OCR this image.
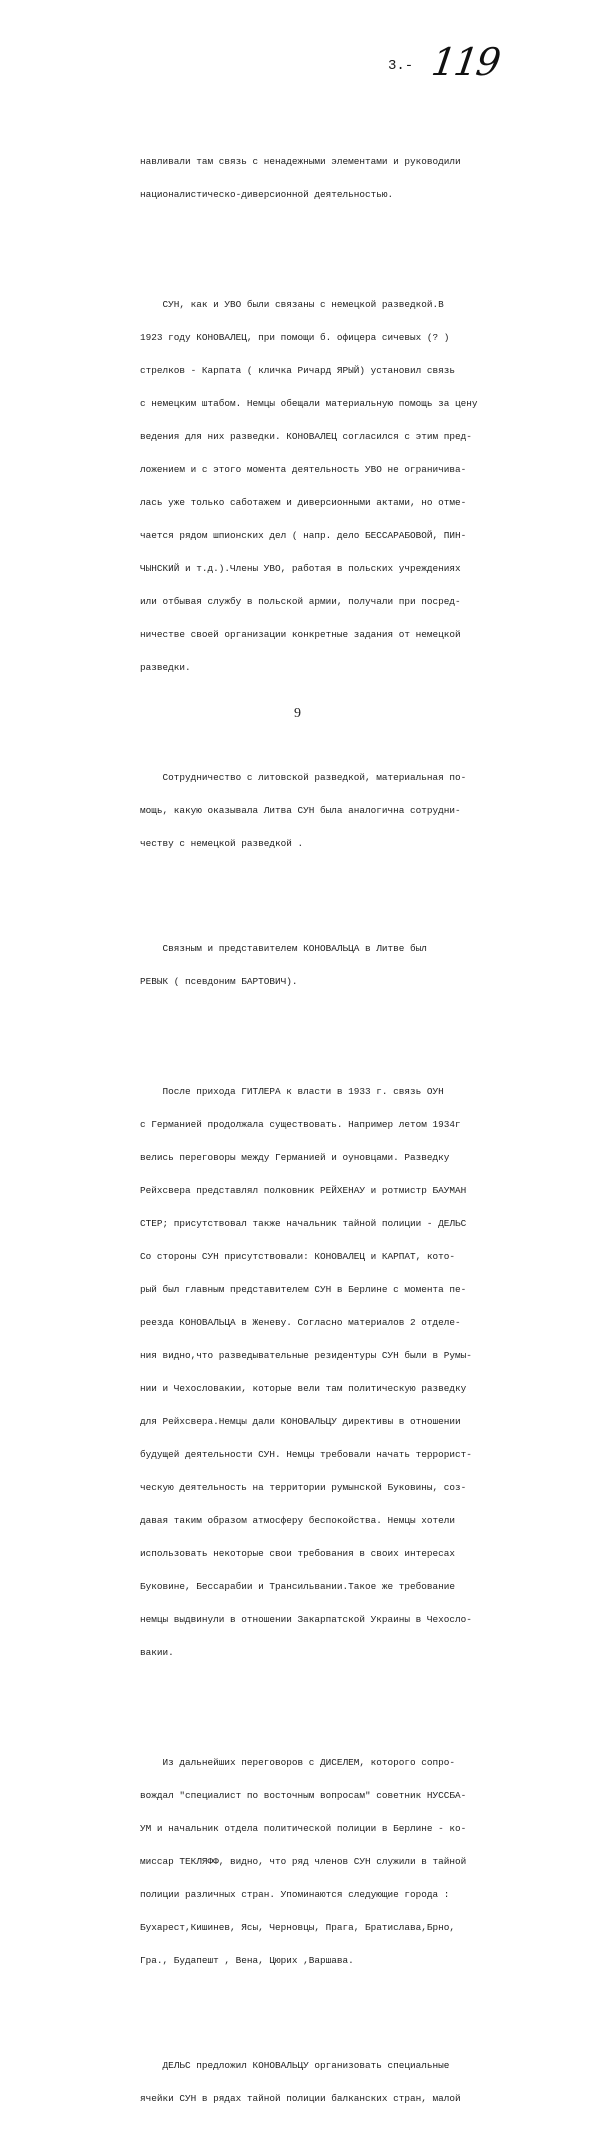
3.- 119

навливали там связь с ненадежными элементами и руководили

националистическо-диверсионной деятельностью.

СУН, как и УВО были связаны с немецкой разведкой.В

1923 году КОНОВАЛЕЦ, при помощи б. офицера сичевых (? )

стрелков - Карпата ( кличка Ричард ЯРЫЙ) установил связь

с немецким штабом. Немцы обещали материальную помощь за цену

ведения для них разведки. КОНОВАЛЕЦ согласился с этим пред-

ложением и с этого момента деятельность УВО не ограничива-

лась уже только саботажем и диверсионными актами, но отме-

чается рядом шпионских дел ( напр. дело БЕССАРАБОВОЙ, ПИН-

ЧЫНСКИЙ и т.д.).Члены УВО, работая в польских учреждениях

или отбывая службу в польской армии, получали при посред-

ничестве своей организации конкретные задания от немецкой

разведки.

Сотрудничество с литовской разведкой, материальная по-

мощь, какую оказывала Литва СУН была аналогична сотрудни-

честву с немецкой разведкой .

Связным и представителем КОНОВАЛЬЦА в Литве был

РЕВЫК ( псевдоним БАРТОВИЧ).

После прихода ГИТЛЕРА к власти в 1933 г. связь ОУН

с Германией продолжала существовать. Например летом 1934г

велись переговоры между Германией и оуновцами. Разведку

Рейхсвера представлял полковник РЕЙХЕНАУ и ротмистр БАУМАН

СТЕР; присутствовал также начальник тайной полиции - ДЕЛЬС

Со стороны СУН присутствовали: КОНОВАЛЕЦ и КАРПАТ, кото-

рый был главным представителем СУН в Берлине с момента пе-

реезда КОНОВАЛЬЦА в Женеву. Согласно материалов 2 отделе-

ния видно,что разведывательные резидентуры СУН были в Румы-

нии и Чехословакии, которые вели там политическую разведку

для Рейхсвера.Немцы дали КОНОВАЛЬЦУ директивы в отношении

будущей деятельности СУН. Немцы требовали начать террорист-

ческую деятельность на территории румынской Буковины, соз-

давая таким образом атмосферу беспокойства. Немцы хотели

использовать некоторые свои требования в своих интересах

Буковине, Бессарабии и Трансильвании.Такое же требование

немцы выдвинули в отношении Закарпатской Украины в Чехосло-

вакии.

Из дальнейших переговоров с ДИСЕЛЕМ, которого сопро-

вождал "специалист по восточным вопросам" советник НУССБА-

УМ и начальник отдела политической полиции в Берлине - ко-

миссар ТЕКЛЯФФ, видно, что ряд членов СУН служили в тайной

полиции различных стран. Упоминаются следующие города :

Бухарест,Кишинев, Ясы, Черновцы, Прага, Братислава,Брно,

Гра., Будапешт , Вена, Цюрих ,Варшава.

ДЕЛЬС предложил КОНОВАЛЬЦУ организовать специальные

ячейки СУН в рядах тайной полиции балканских стран, малой

9
